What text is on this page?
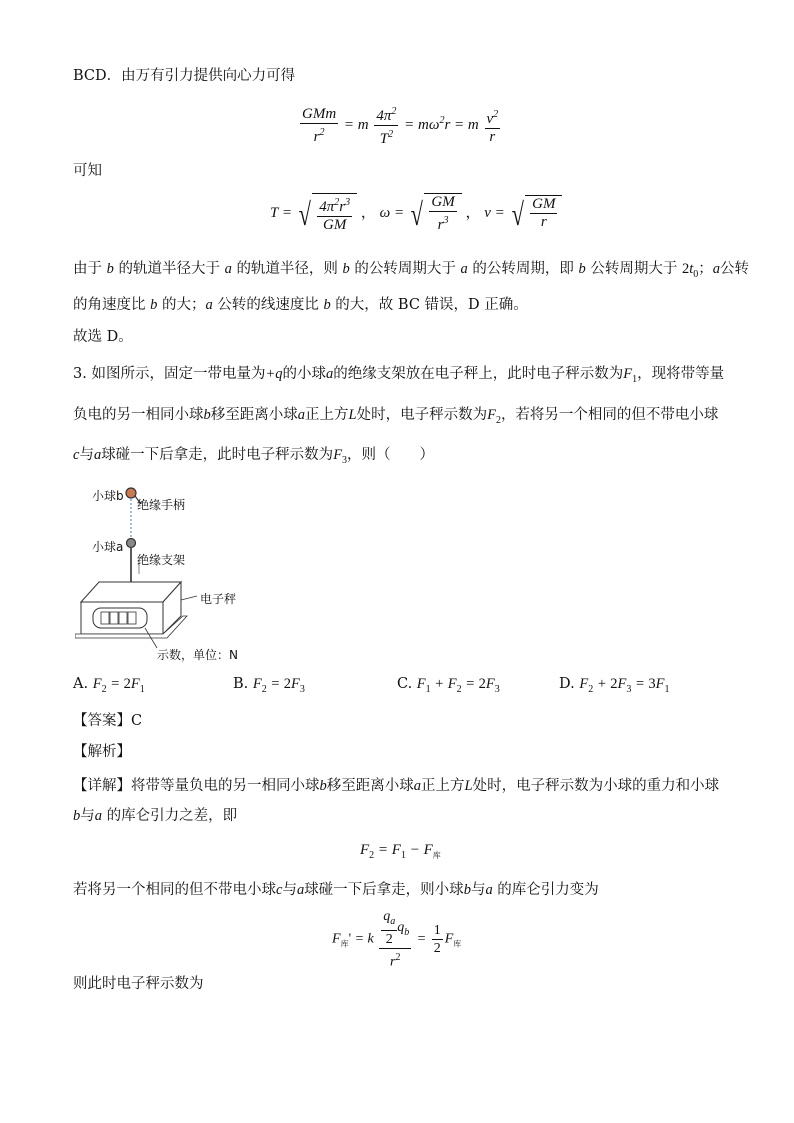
BCD．由万有引力提供向心力可得
$\frac{\text{GMm}}{r^2} = m \frac{4\pi^2}{T^2} = m\omega^2r = m \frac{v^2}{r}$
可知
T = √ $\frac{4\pi^2r^3}{GM}$ ， ω = √ $\frac{GM}{r^3}$ ， v = √ $\frac{GM}{r}$
由于 b 的轨道半径大于 a 的轨道半径，则 b 的公转周期大于 a 的公转周期，即 b 公转周期大于 $2t_0$；a公转
的角速度比 b 的大；a 公转的线速度比 b 的大，故 BC 错误，D 正确。
故选 D。
3. 如图所示，固定一带电量为+q的小球a的绝缘支架放在电子秤上，此时电子秤示数为$F_1$，现将带等量
负电的另一相同小球b移至距离小球a正上方L处时，电子秤示数为$F_2$，若将另一个相同的但不带电小球
c与a球碰一下后拿走，此时电子秤示数为$F_3$，则（　　）
小球b
绝缘手柄
小球a
绝缘支架
电子秤
示数，单位：N
A. $F_2 = 2F_1$	B. $F_2 = 2F_3$	C. $F_1 + F_2 = 2F_3$	D. $F_2 + 2F_3 = 3F_1$
【答案】C
【解析】
【详解】将带等量负电的另一相同小球b移至距离小球a正上方L处时，电子秤示数为小球的重力和小球
b与a 的库仑引力之差，即
$F_2 = F_1 - F_库$
若将另一个相同的但不带电小球c与a球碰一下后拿走，则小球b与a 的库仑引力变为
$F_库' = k \frac{\frac{q_a}{2} q_b}{r^2} = \frac{1}{2} F_库$
则此时电子秤示数为
